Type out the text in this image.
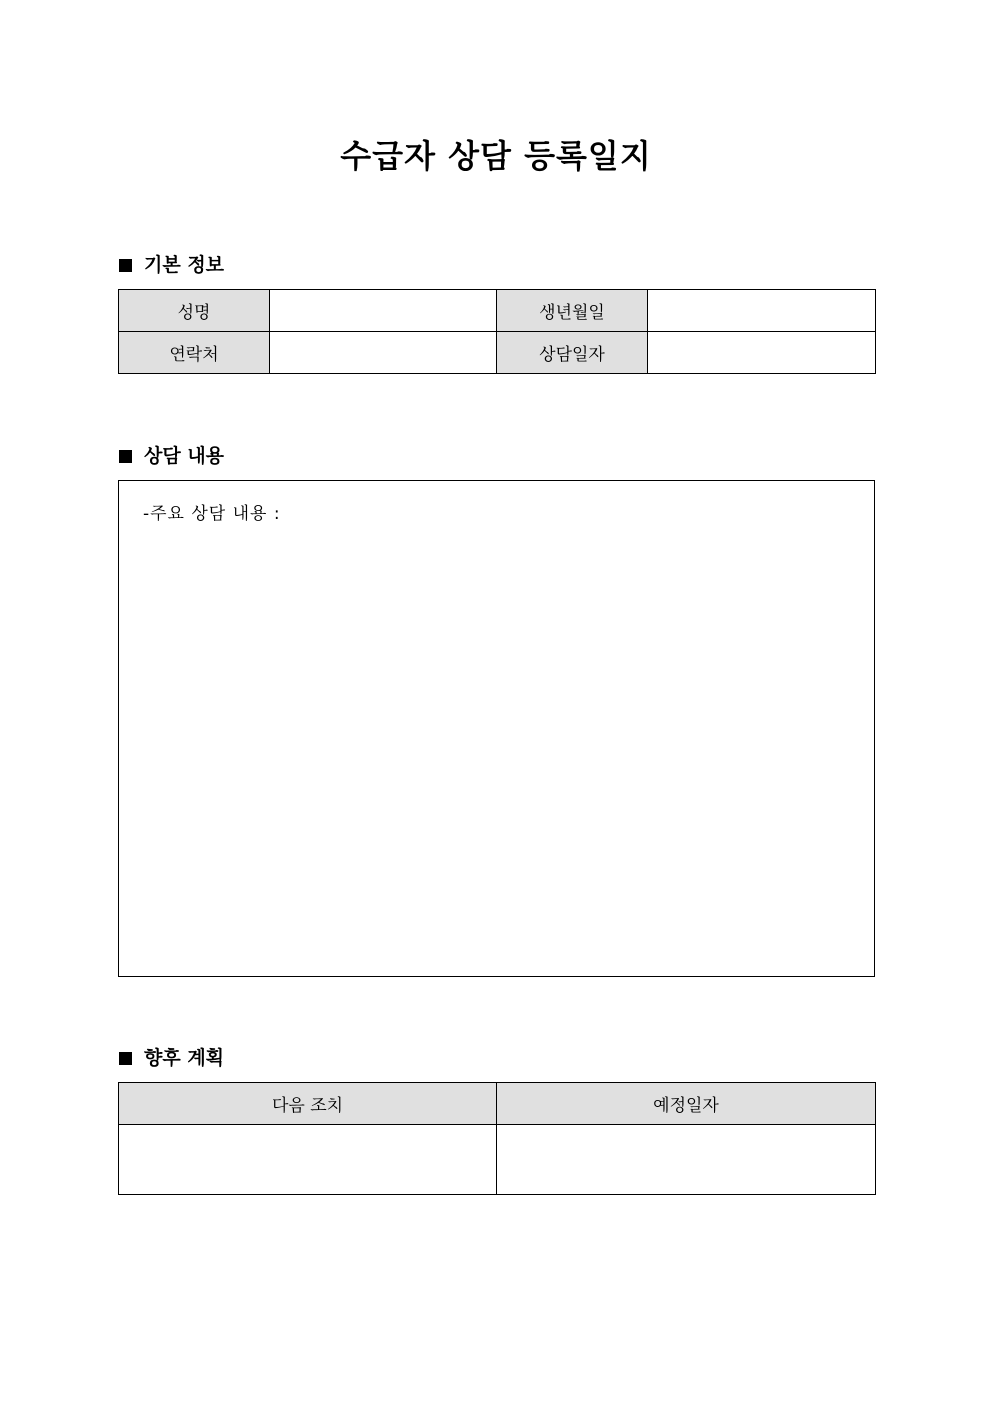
수급자 상담 등록일지
기본 정보
성명		생년월일	
연락처		상담일자	
상담 내용
-주요 상담 내용 :
향후 계획
다음 조치	예정일자
